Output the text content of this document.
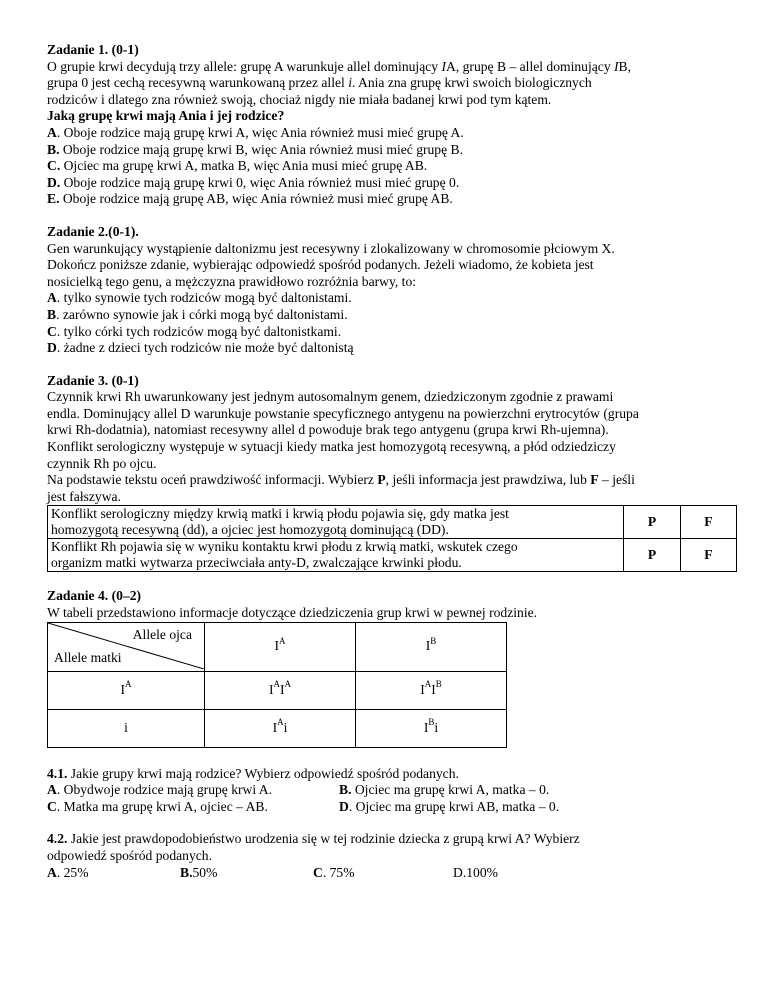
Zadanie 1. (0-1)
O grupie krwi decydują trzy allele: grupę A warunkuje allel dominujący IA, grupę B – allel dominujący IB,
grupa 0 jest cechą recesywną warunkowaną przez allel i. Ania zna grupę krwi swoich biologicznych
rodziców i dlatego zna również swoją, chociaż nigdy nie miała badanej krwi pod tym kątem.
Jaką grupę krwi mają Ania i jej rodzice?
A. Oboje rodzice mają grupę krwi A, więc Ania również musi mieć grupę A.
B. Oboje rodzice mają grupę krwi B, więc Ania również musi mieć grupę B.
C. Ojciec ma grupę krwi A, matka B, więc Ania musi mieć grupę AB.
D. Oboje rodzice mają grupę krwi 0, więc Ania również musi mieć grupę 0.
E. Oboje rodzice mają grupę AB, więc Ania również musi mieć grupę AB.
Zadanie 2.(0-1).
Gen warunkujący wystąpienie daltonizmu jest recesywny i zlokalizowany w chromosomie płciowym X.
Dokończ poniższe zdanie, wybierając odpowiedź spośród podanych. Jeżeli wiadomo, że kobieta jest
nosicielką tego genu, a mężczyzna prawidłowo rozróżnia barwy, to:
A. tylko synowie tych rodziców mogą być daltonistami.
B. zarówno synowie jak i córki mogą być daltonistami.
C. tylko córki tych rodziców mogą być daltonistkami.
D. żadne z dzieci tych rodziców nie może być daltonistą
Zadanie 3. (0-1)
Czynnik krwi Rh uwarunkowany jest jednym autosomalnym genem, dziedziczonym zgodnie z prawami
endla. Dominujący allel D warunkuje powstanie specyficznego antygenu na powierzchni erytrocytów (grupa
krwi Rh-dodatnia), natomiast recesywny allel d powoduje brak tego antygenu (grupa krwi Rh-ujemna).
Konflikt serologiczny występuje w sytuacji kiedy matka jest homozygotą recesywną, a płód odziedziczy
czynnik Rh po ojcu.
Na podstawie tekstu oceń prawdziwość informacji. Wybierz P, jeśli informacja jest prawdziwa, lub F – jeśli
jest fałszywa.
Konflikt serologiczny między krwią matki i krwią płodu pojawia się, gdy matka jest
homozygotą recesywną (dd), a ojciec jest homozygotą dominującą (DD).	P	F

Konflikt Rh pojawia się w wyniku kontaktu krwi płodu z krwią matki, wskutek czego
organizm matki wytwarza przeciwciała anty-D, zwalczające krwinki płodu.	P	F
Zadanie 4. (0–2)
W tabeli przedstawiono informacje dotyczące dziedziczenia grup krwi w pewnej rodzinie.
Allele ojca
Allele matki	$I^A$	$I^B$
$I^A$	$I^AI^A$	$I^AI^B$
i	$I^Ai$	$I^Bi$
4.1. Jakie grupy krwi mają rodzice? Wybierz odpowiedź spośród podanych.
A. Obydwoje rodzice mają grupę krwi A.	B. Ojciec ma grupę krwi A, matka – 0.
C. Matka ma grupę krwi A, ojciec – AB.	D. Ojciec ma grupę krwi AB, matka – 0.
4.2. Jakie jest prawdopodobieństwo urodzenia się w tej rodzinie dziecka z grupą krwi A? Wybierz
odpowiedź spośród podanych.
A. 25%	B.50%	C. 75%	D.100%
